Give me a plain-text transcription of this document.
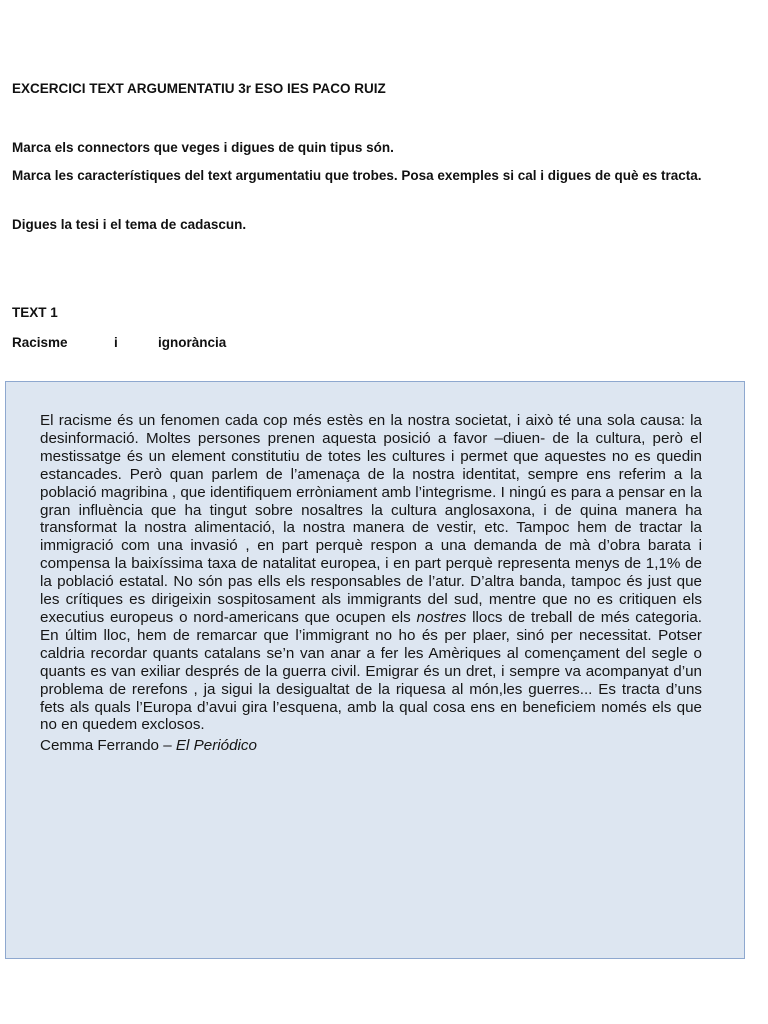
EXCERCICI TEXT ARGUMENTATIU 3r ESO IES PACO RUIZ
Marca els connectors que veges i digues de quin tipus són.
Marca les característiques del text argumentatiu que trobes. Posa exemples si cal i digues de què es tracta.
Digues la tesi i el tema de cadascun.
TEXT 1
Racisme	i	ignorància

El racisme és un fenomen cada cop més estès en la nostra societat, i això té una sola causa: la desinformació. Moltes persones prenen aquesta posició a favor –diuen- de la cultura, però el mestissatge és un element constitutiu de totes les cultures i permet que aquestes no es quedin estancades. Però quan parlem de l’amenaça de la nostra identitat, sempre ens referim a la població magribina , que identifiquem erròniament amb l’integrisme. I ningú es para a pensar en la gran influència que ha tingut sobre nosaltres la cultura anglosaxona, i de quina manera ha transformat la nostra alimentació, la nostra manera de vestir, etc. Tampoc hem de tractar la immigració com una invasió , en part perquè respon a una demanda de mà d’obra barata i compensa la baixíssima taxa de natalitat europea, i en part perquè representa menys de 1,1% de la població estatal. No són pas ells els responsables de l’atur. D’altra banda, tampoc és just que les crítiques es dirigeixin sospitosament als immigrants del sud, mentre que no es critiquen els executius europeus o nord-americans que ocupen els nostres llocs de treball de més categoria. En últim lloc, hem de remarcar que l’immigrant no ho és per plaer, sinó per necessitat. Potser caldria recordar quants catalans se’n van anar a fer les Amèriques al començament del segle o quants es van exiliar després de la guerra civil. Emigrar és un dret, i sempre va acompanyat d’un problema de rerefons , ja sigui la desigualtat de la riquesa al món,les guerres... Es tracta d’uns fets als quals l’Europa d’avui gira l’esquena, amb la qual cosa ens en beneficiem només els que no en quedem exclosos.

Cemma Ferrando – El Periódico
